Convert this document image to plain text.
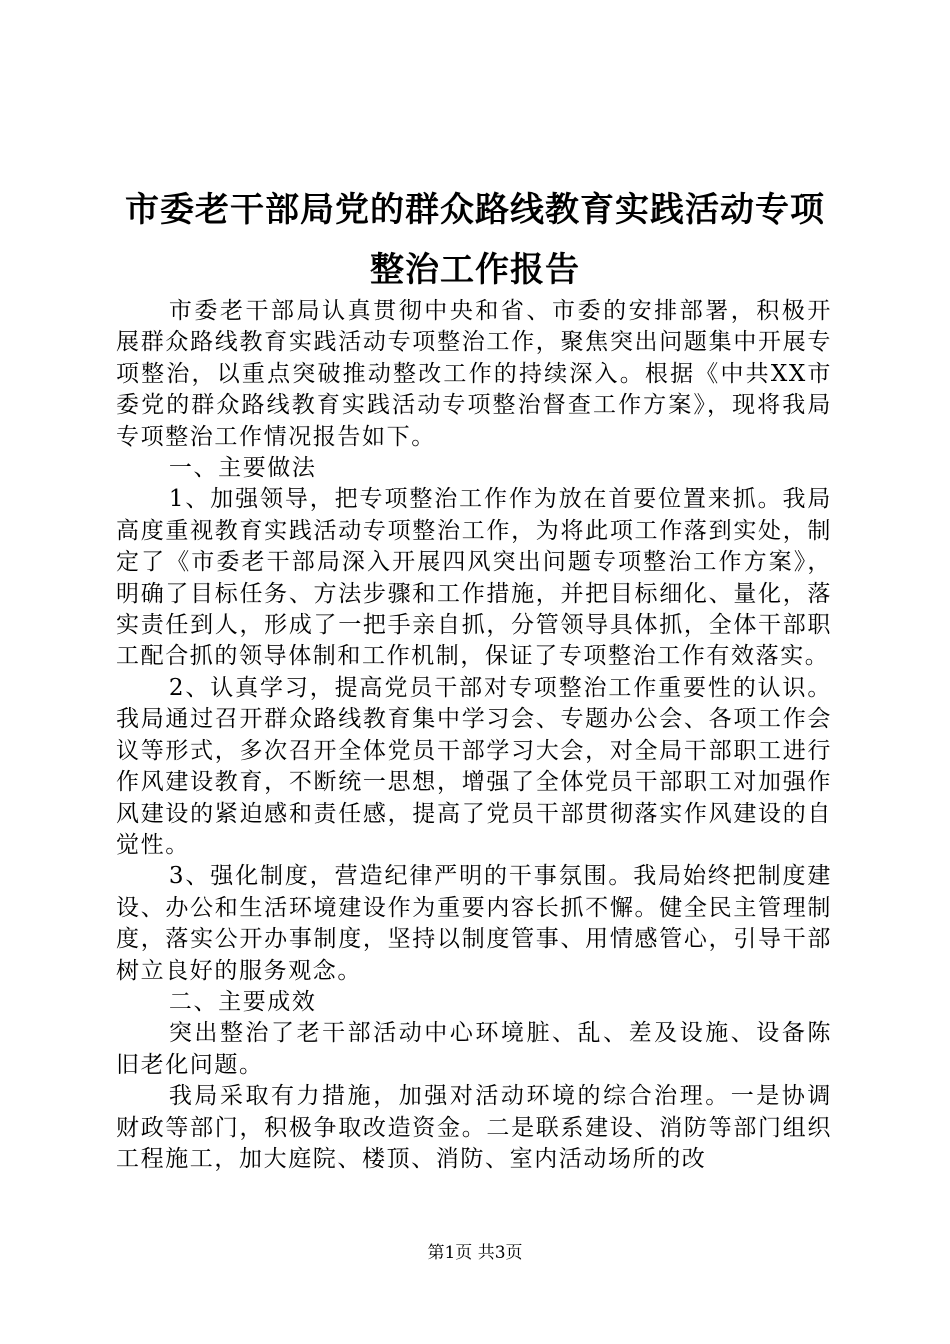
市委老干部局党的群众路线教育实践活动专项
整治工作报告

市委老干部局认真贯彻中央和省、市委的安排部署，积极开展群众路线教育实践活动专项整治工作，聚焦突出问题集中开展专项整治，以重点突破推动整改工作的持续深入。根据《中共XX市委党的群众路线教育实践活动专项整治督查工作方案》，现将我局专项整治工作情况报告如下。

一、主要做法

1、加强领导，把专项整治工作作为放在首要位置来抓。我局高度重视教育实践活动专项整治工作，为将此项工作落到实处，制定了《市委老干部局深入开展四风突出问题专项整治工作方案》，明确了目标任务、方法步骤和工作措施，并把目标细化、量化，落实责任到人，形成了一把手亲自抓，分管领导具体抓，全体干部职工配合抓的领导体制和工作机制，保证了专项整治工作有效落实。

2、认真学习，提高党员干部对专项整治工作重要性的认识。我局通过召开群众路线教育集中学习会、专题办公会、各项工作会议等形式，多次召开全体党员干部学习大会，对全局干部职工进行作风建设教育，不断统一思想，增强了全体党员干部职工对加强作风建设的紧迫感和责任感，提高了党员干部贯彻落实作风建设的自觉性。

3、强化制度，营造纪律严明的干事氛围。我局始终把制度建设、办公和生活环境建设作为重要内容长抓不懈。健全民主管理制度，落实公开办事制度，坚持以制度管事、用情感管心，引导干部树立良好的服务观念。

二、主要成效

突出整治了老干部活动中心环境脏、乱、差及设施、设备陈旧老化问题。

我局采取有力措施，加强对活动环境的综合治理。一是协调财政等部门，积极争取改造资金。二是联系建设、消防等部门组织工程施工，加大庭院、楼顶、消防、室内活动场所的改

第1页 共3页
